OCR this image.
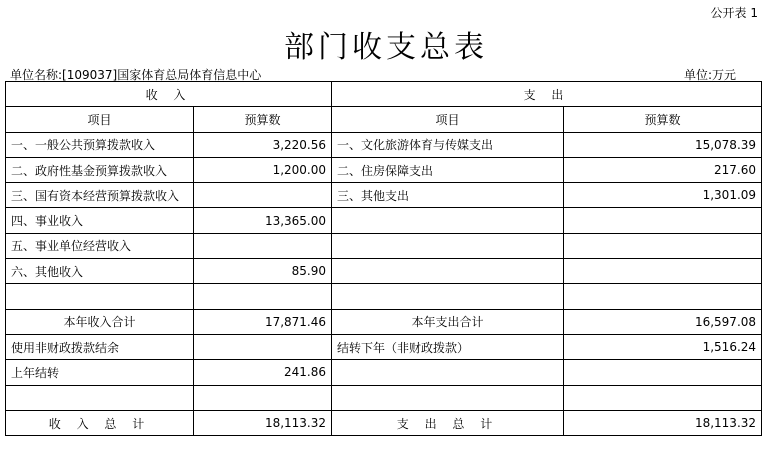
公开表 1
部门收支总表
单位名称:[109037]国家体育总局体育信息中心	单位:万元
收 入		支 出	
项目	预算数	项目	预算数
一、一般公共预算拨款收入	3,220.56	一、文化旅游体育与传媒支出	15,078.39
二、政府性基金预算拨款收入	1,200.00	二、住房保障支出	217.60
三、国有资本经营预算拨款收入		三、其他支出	1,301.09
四、事业收入	13,365.00		
五、事业单位经营收入			
六、其他收入	85.90		

本年收入合计	17,871.46	本年支出合计	16,597.08
使用非财政拨款结余		结转下年（非财政拨款）	1,516.24
上年结转	241.86		

收 入 总 计	18,113.32	支 出 总 计	18,113.32
